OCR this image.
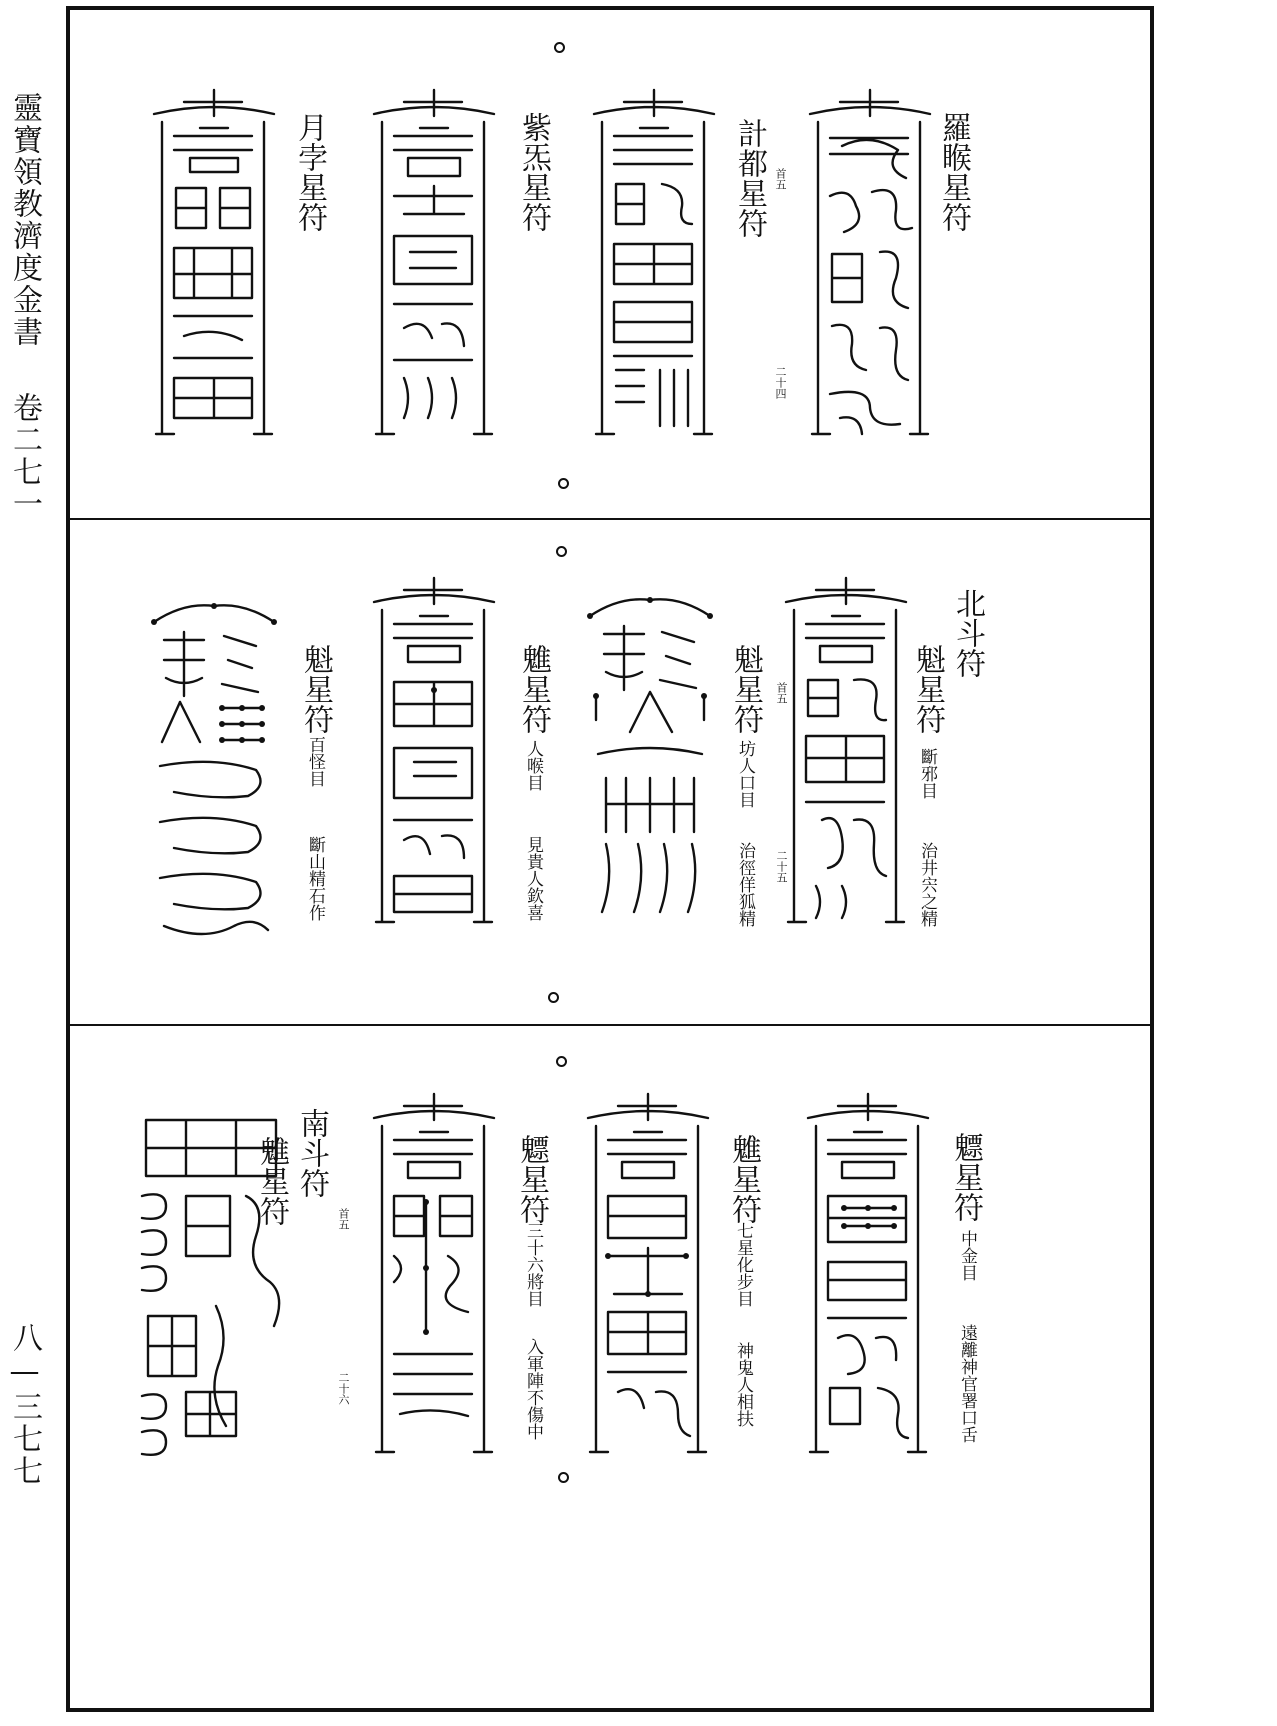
靈寶領教濟度金書
卷二七一
八—三七七
羅睺星符
計都星符 首五
二十四
紫炁星符
月孛星符
北斗符
魁星符
斷邪目
治井宍之精
魁星符 首五
坊人口目
治徑佯狐精 二十五
魋星符
人喉目
見貴人欽喜
魁星符
百怪目
斷山精石作
魒星符
中金目
遠離神官署口舌
魋星符
七星化步目
神鬼人相扶
魒星符
三十六將目
入軍陣不傷中
南斗符
魋星符	首五
二十六
